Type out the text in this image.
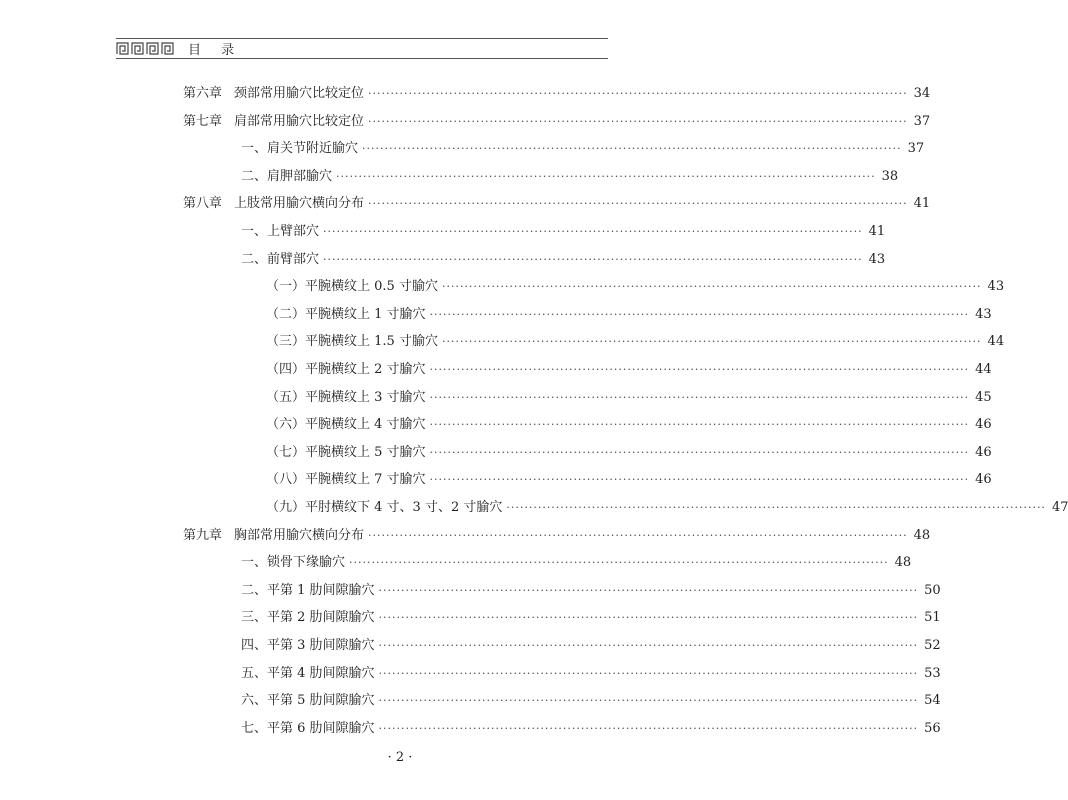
目 录
第六章 颈部常用腧穴比较定位 ························································································································ 34
第七章 肩部常用腧穴比较定位 ························································································································ 37
一、肩关节附近腧穴 ························································································································ 37
二、肩胛部腧穴 ························································································································ 38
第八章 上肢常用腧穴横向分布 ························································································································ 41
一、上臂部穴 ························································································································ 41
二、前臂部穴 ························································································································ 43
（一）平腕横纹上 0.5 寸腧穴 ························································································································ 43
（二）平腕横纹上 1 寸腧穴 ························································································································ 43
（三）平腕横纹上 1.5 寸腧穴 ························································································································ 44
（四）平腕横纹上 2 寸腧穴 ························································································································ 44
（五）平腕横纹上 3 寸腧穴 ························································································································ 45
（六）平腕横纹上 4 寸腧穴 ························································································································ 46
（七）平腕横纹上 5 寸腧穴 ························································································································ 46
（八）平腕横纹上 7 寸腧穴 ························································································································ 46
（九）平肘横纹下 4 寸、3 寸、2 寸腧穴 ························································································································ 47
第九章 胸部常用腧穴横向分布 ························································································································ 48
一、锁骨下缘腧穴 ························································································································ 48
二、平第 1 肋间隙腧穴 ························································································································ 50
三、平第 2 肋间隙腧穴 ························································································································ 51
四、平第 3 肋间隙腧穴 ························································································································ 52
五、平第 4 肋间隙腧穴 ························································································································ 53
六、平第 5 肋间隙腧穴 ························································································································ 54
七、平第 6 肋间隙腧穴 ························································································································ 56
· 2 ·
